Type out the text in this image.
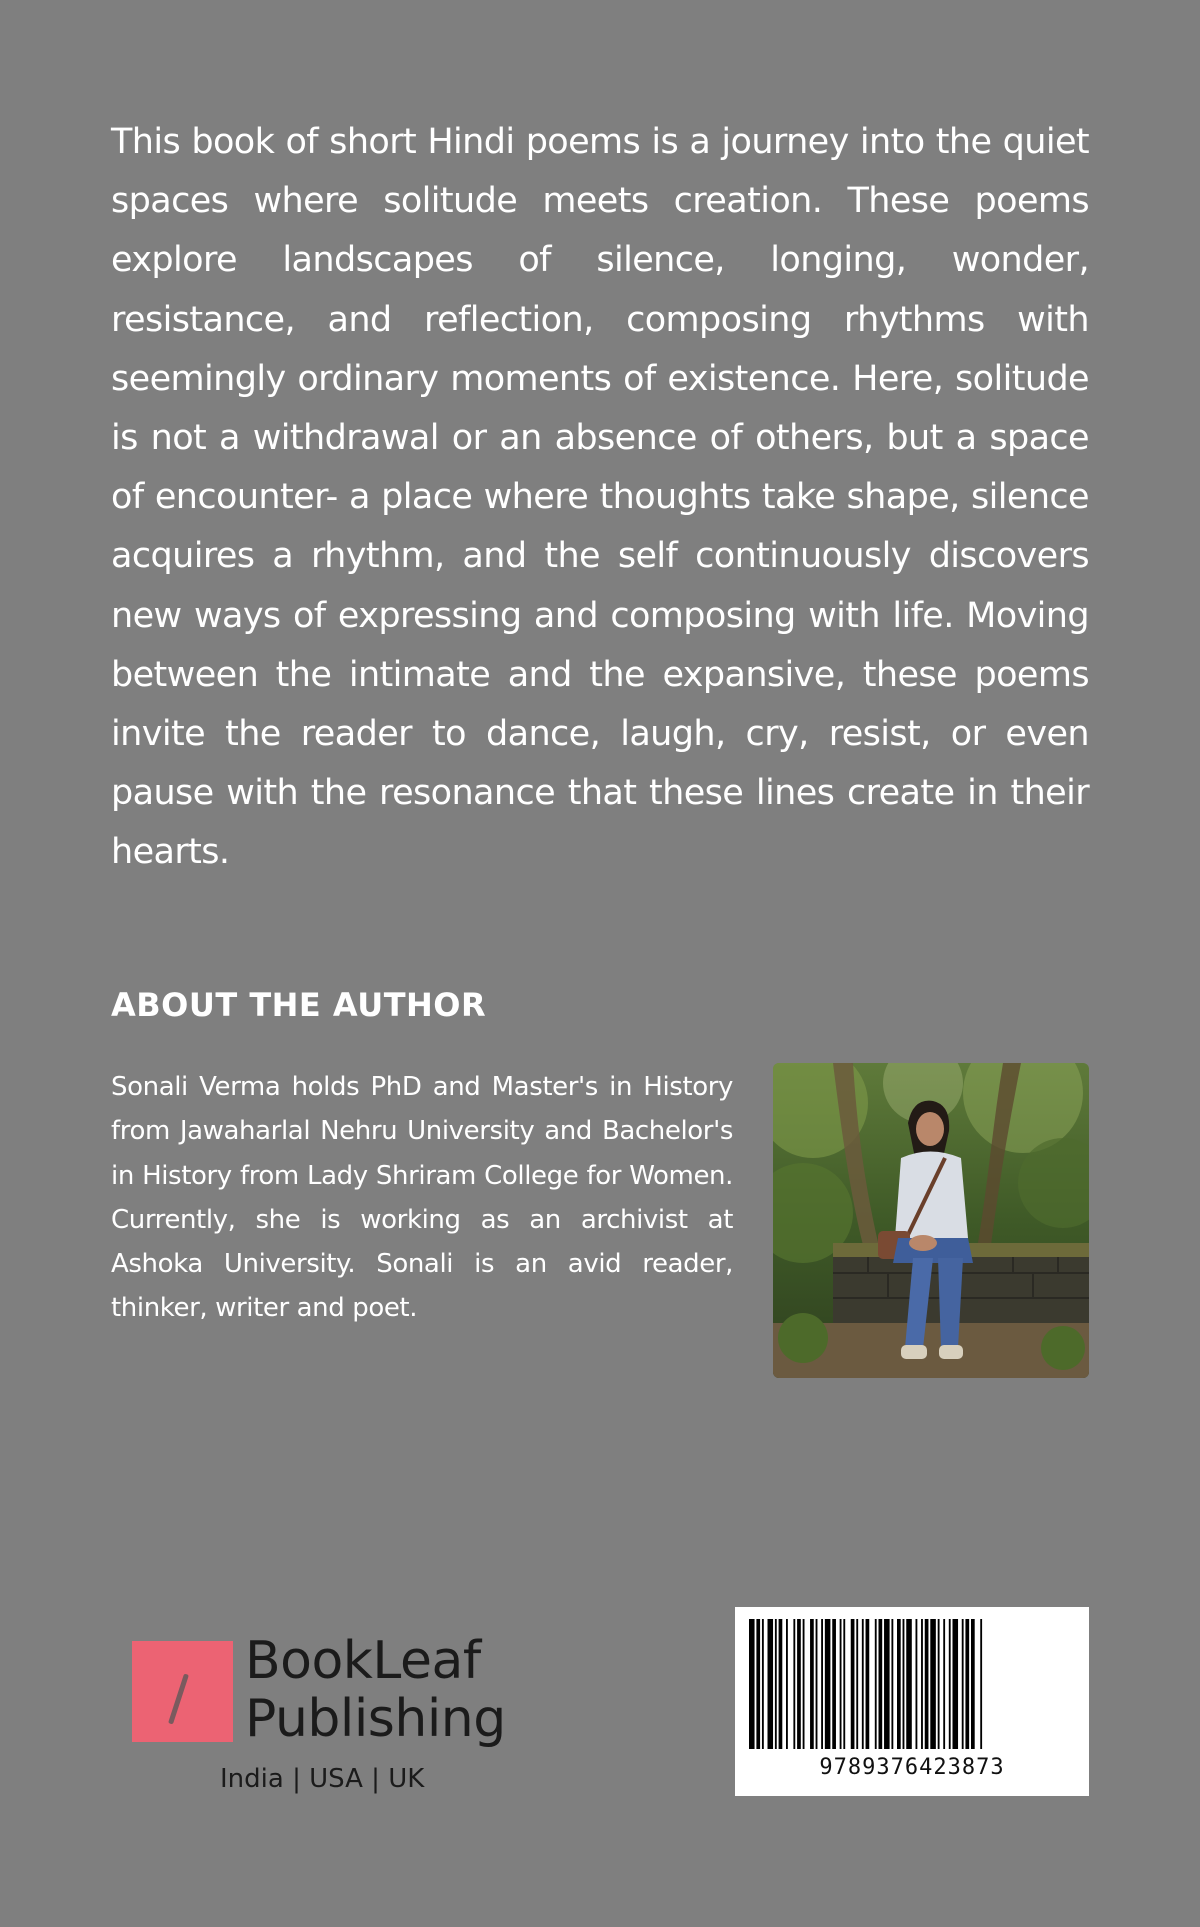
This book of short Hindi poems is a journey into the quiet spaces where solitude meets creation. These poems explore landscapes of silence, longing, wonder, resistance, and reflection, composing rhythms with seemingly ordinary moments of existence. Here, solitude is not a withdrawal or an absence of others, but a space of encounter- a place where thoughts take shape, silence acquires a rhythm, and the self continuously discovers new ways of expressing and composing with life. Moving between the intimate and the expansive, these poems invite the reader to dance, laugh, cry, resist, or even pause with the resonance that these lines create in their hearts.

ABOUT THE AUTHOR

Sonali Verma holds PhD and Master's in History from Jawaharlal Nehru University and Bachelor's in History from Lady Shriram College for Women. Currently, she is working as an archivist at Ashoka University. Sonali is an avid reader, thinker, writer and poet.

BookLeaf
Publishing
India | USA | UK	9789376423873
